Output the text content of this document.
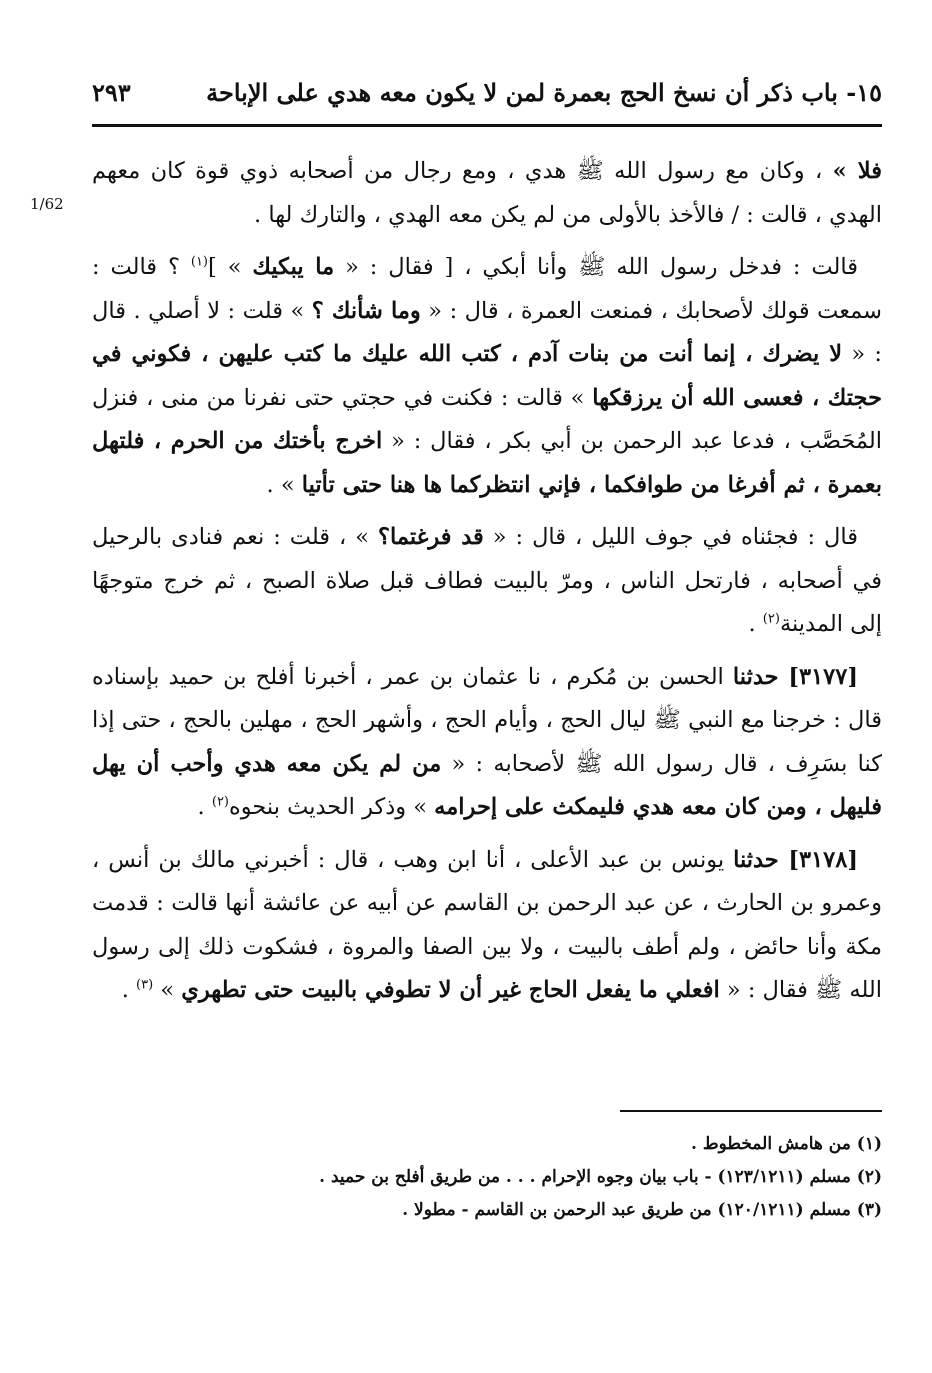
١٥- باب ذكر أن نسخ الحج بعمرة لمن لا يكون معه هدي على الإباحة
٢٩٣
1/62

فلا » ، وكان مع رسول الله ﷺ هدي ، ومع رجال من أصحابه ذوي قوة كان معهم الهدي ، قالت : / فالأخذ بالأولى من لم يكن معه الهدي ، والتارك لها .

قالت : فدخل رسول الله ﷺ وأنا أبكي ، [ فقال : « ما يبكيك » ]$^{(١)}$ ؟ قالت : سمعت قولك لأصحابك ، فمنعت العمرة ، قال : « وما شأنك ؟ » قلت : لا أصلي . قال : « لا يضرك ، إنما أنت من بنات آدم ، كتب الله عليك ما كتب عليهن ، فكوني في حجتك ، فعسى الله أن يرزقكها » قالت : فكنت في حجتي حتى نفرنا من منى ، فنزل المُحَصَّب ، فدعا عبد الرحمن بن أبي بكر ، فقال : « اخرج بأختك من الحرم ، فلتهل بعمرة ، ثم أفرغا من طوافكما ، فإني انتظركما ها هنا حتى تأتيا » .

قال : فجئناه في جوف الليل ، قال : « قد فرغتما؟ » ، قلت : نعم فنادى بالرحيل في أصحابه ، فارتحل الناس ، ومرّ بالبيت فطاف قبل صلاة الصبح ، ثم خرج متوجهًا إلى المدينة$^{(٢)}$ .

[٣١٧٧] حدثنا الحسن بن مُكرم ، نا عثمان بن عمر ، أخبرنا أفلح بن حميد بإسناده قال : خرجنا مع النبي ﷺ ليال الحج ، وأيام الحج ، وأشهر الحج ، مهلين بالحج ، حتى إذا كنا بسَرِف ، قال رسول الله ﷺ لأصحابه : « من لم يكن معه هدي وأحب أن يهل فليهل ، ومن كان معه هدي فليمكث على إحرامه » وذكر الحديث بنحوه$^{(٢)}$ .

[٣١٧٨] حدثنا يونس بن عبد الأعلى ، أنا ابن وهب ، قال : أخبرني مالك بن أنس ، وعمرو بن الحارث ، عن عبد الرحمن بن القاسم عن أبيه عن عائشة أنها قالت : قدمت مكة وأنا حائض ، ولم أطف بالبيت ، ولا بين الصفا والمروة ، فشكوت ذلك إلى رسول الله ﷺ فقال : « افعلي ما يفعل الحاج غير أن لا تطوفي بالبيت حتى تطهري » $^{(٣)}$ .

(١) من هامش المخطوط .
(٢) مسلم (١٢٣/١٢١١) - باب بيان وجوه الإحرام . . . من طريق أفلح بن حميد .
(٣) مسلم (١٢٠/١٢١١) من طريق عبد الرحمن بن القاسم - مطولا .
